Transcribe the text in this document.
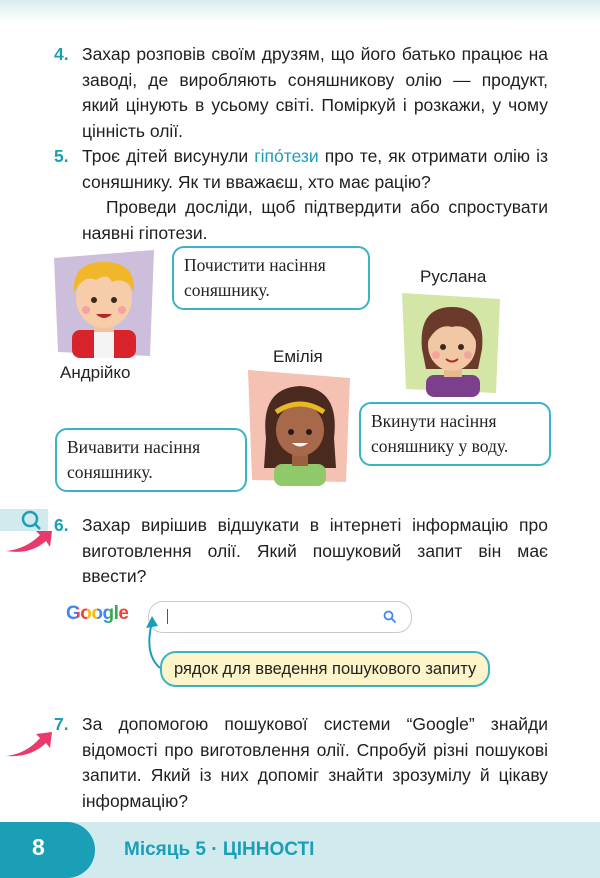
4. Захар розповів своїм друзям, що його батько працює на заводі, де виробляють соняшникову олію — продукт, який цінують в усьому світі. Поміркуй і розкажи, у чому цінність олії.

5. Троє дітей висунули гіпо́тези про те, як отримати олію із соняшнику. Як ти вважаєш, хто має рацію?

Проведи досліди, щоб підтвердити або спростувати наявні гіпотези.

Андрійко
Почистити насіння соняшнику.
Руслана
Емілія
Вкинути насіння соняшнику у воду.
Вичавити насіння соняшнику.
6. Захар вирішив відшукати в інтернеті інформацію про виготовлення олії. Який пошуковий запит він має ввести?

Google
рядок для введення пошукового запиту
7. За допомогою пошукової системи “Google” знайди відомості про виготовлення олії. Спробуй різні пошукові запити. Який із них допоміг знайти зрозумілу й цікаву інформацію?

8	Місяць 5 · ЦІННОСТІ
